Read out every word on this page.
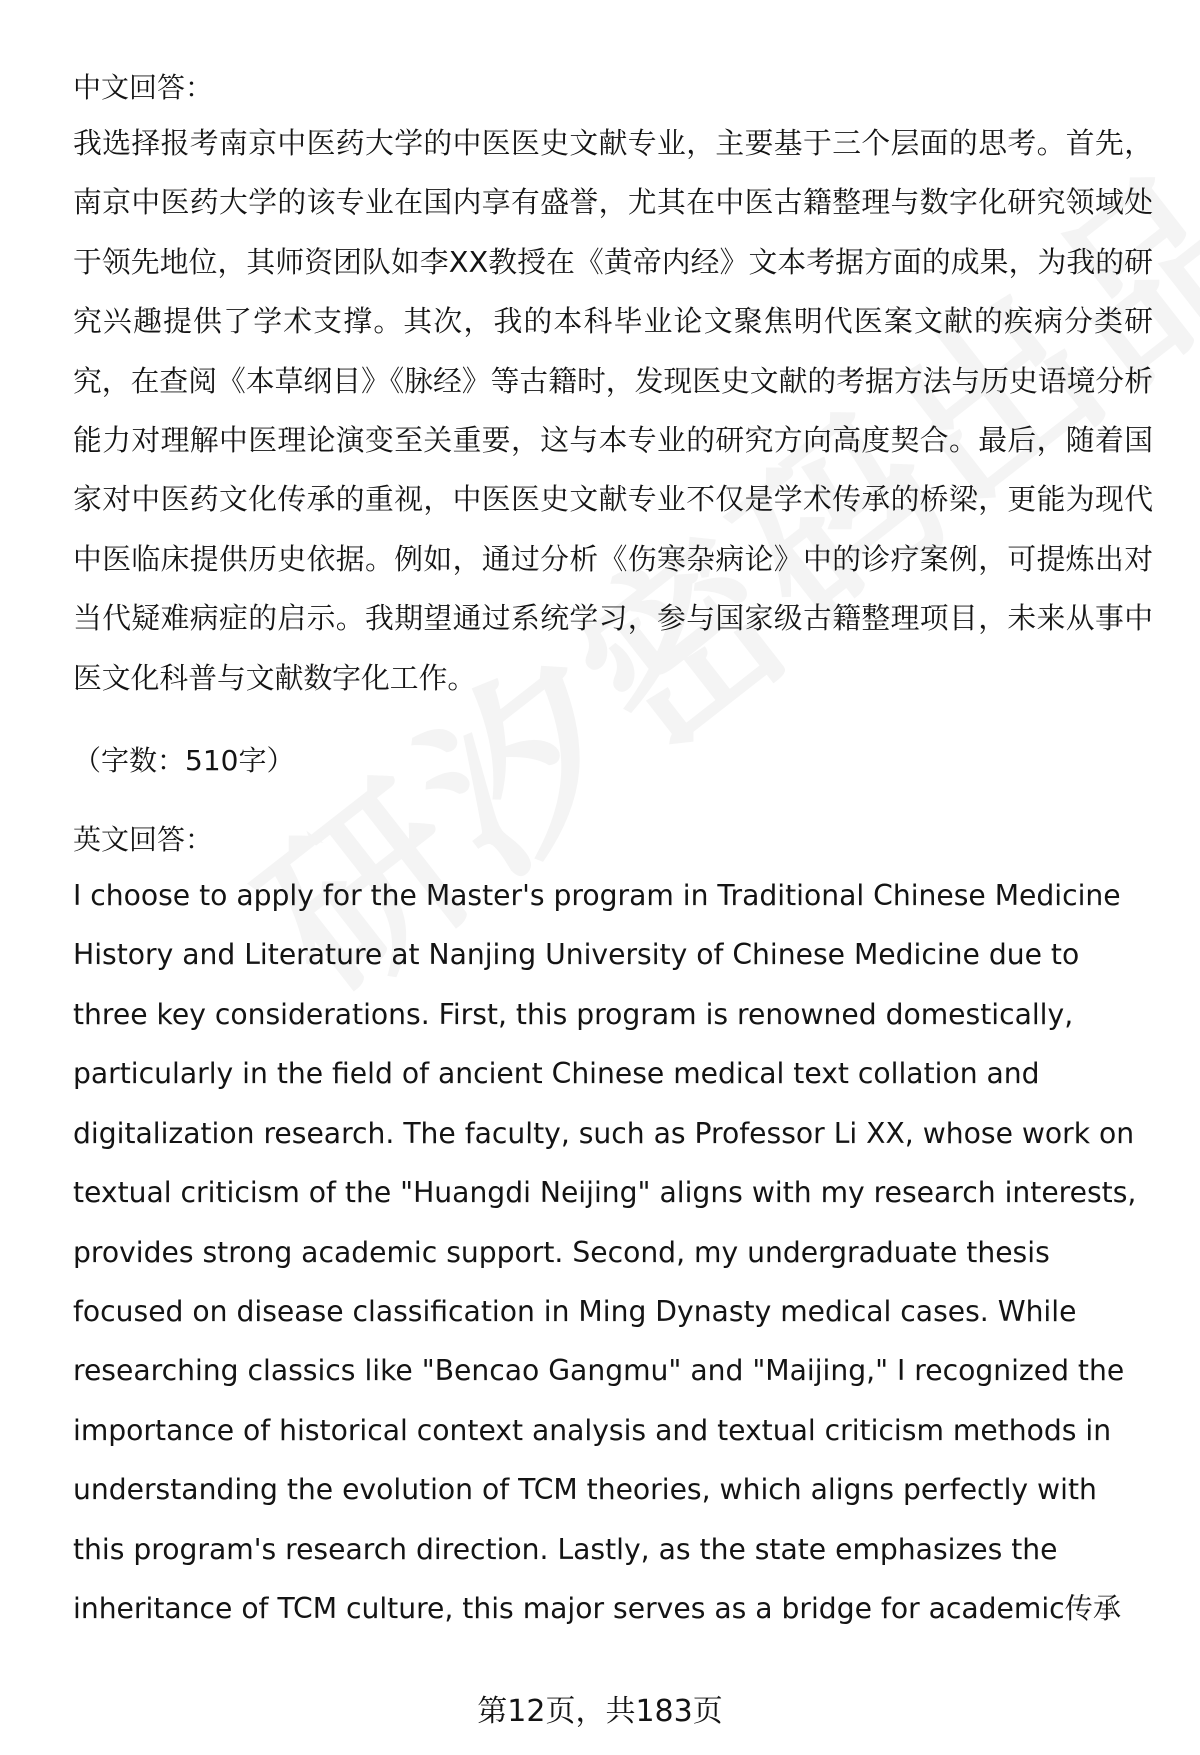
中文回答：

我选择报考南京中医药大学的中医医史文献专业，主要基于三个层面的思考。首先，南京中医药大学的该专业在国内享有盛誉，尤其在中医古籍整理与数字化研究领域处于领先地位，其师资团队如李XX教授在《黄帝内经》文本考据方面的成果，为我的研究兴趣提供了学术支撑。其次，我的本科毕业论文聚焦明代医案文献的疾病分类研究，在查阅《本草纲目》《脉经》等古籍时，发现医史文献的考据方法与历史语境分析能力对理解中医理论演变至关重要，这与本专业的研究方向高度契合。最后，随着国家对中医药文化传承的重视，中医医史文献专业不仅是学术传承的桥梁，更能为现代中医临床提供历史依据。例如，通过分析《伤寒杂病论》中的诊疗案例，可提炼出对当代疑难病症的启示。我期望通过系统学习，参与国家级古籍整理项目，未来从事中医文化科普与文献数字化工作。

（字数：510字）
英文回答：
I choose to apply for the Master's program in Traditional Chinese Medicine
History and Literature at Nanjing University of Chinese Medicine due to
three key considerations. First, this program is renowned domestically,
particularly in the field of ancient Chinese medical text collation and
digitalization research. The faculty, such as Professor Li XX, whose work on
textual criticism of the "Huangdi Neijing" aligns with my research interests,
provides strong academic support. Second, my undergraduate thesis
focused on disease classification in Ming Dynasty medical cases. While
researching classics like "Bencao Gangmu" and "Maijing," I recognized the
importance of historical context analysis and textual criticism methods in
understanding the evolution of TCM theories, which aligns perfectly with
this program's research direction. Lastly, as the state emphasizes the
inheritance of TCM culture, this major serves as a bridge for academic传承
第12页，共183页
